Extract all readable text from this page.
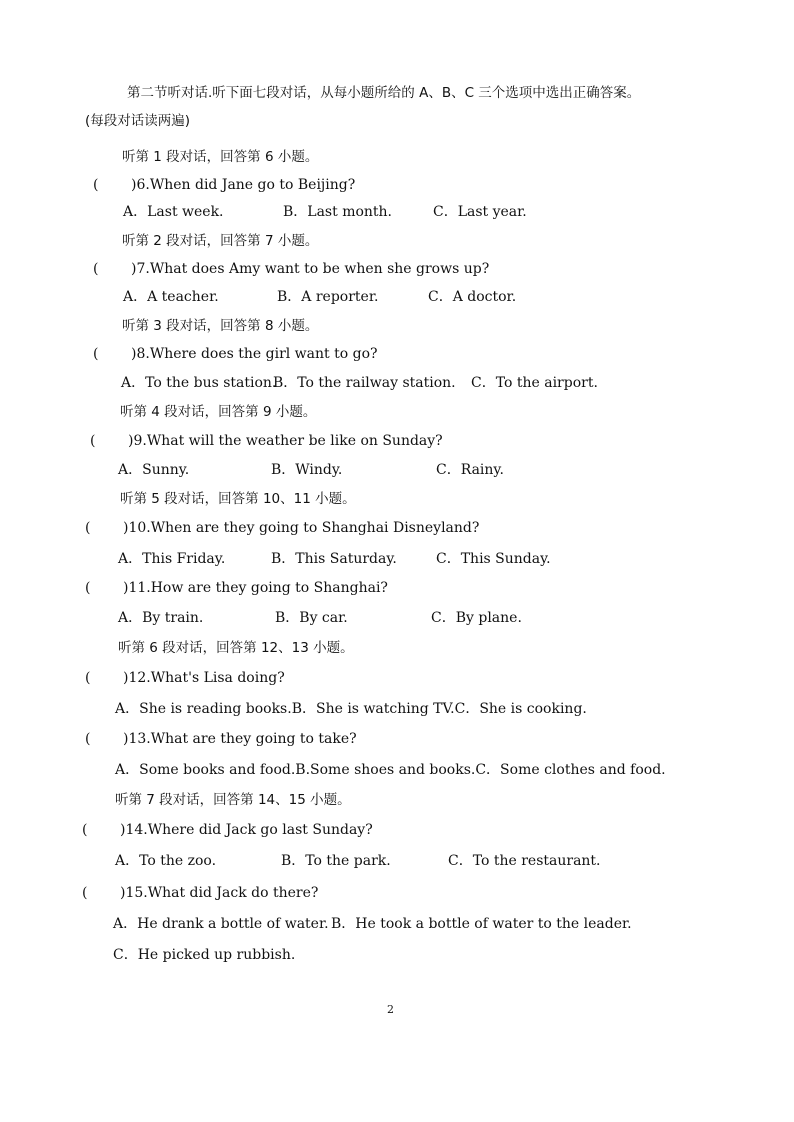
第二节听对话.听下面七段对话，从每小题所给的 A、B、C 三个选项中选出正确答案。
(每段对话读两遍)
听第 1 段对话，回答第 6 小题。
( )6.When did Jane go to Beijing?
A．Last week.	B．Last month.	C．Last year.
听第 2 段对话，回答第 7 小题。
( )7.What does Amy want to be when she grows up?
A．A teacher.	B．A reporter.	C．A doctor.
听第 3 段对话，回答第 8 小题。
( )8.Where does the girl want to go?
A．To the bus station.
B．To the railway station. C．To the airport.
听第 4 段对话，回答第 9 小题。
( )9.What will the weather be like on Sunday?
A．Sunny.	B．Windy.	C．Rainy.
听第 5 段对话，回答第 10、11 小题。
( )10.When are they going to Shanghai Disneyland?
A．This Friday.	B．This Saturday.	C．This Sunday.
( )11.How are they going to Shanghai?
A．By train.	B．By car.	C．By plane.
听第 6 段对话，回答第 12、13 小题。
( )12.What's Lisa doing?
A．She is reading books.B．She is watching TV.C．She is cooking.
( )13.What are they going to take?
A．Some books and food.B.Some shoes and books.C．Some clothes and food.
听第 7 段对话，回答第 14、15 小题。
( )14.Where did Jack go last Sunday?
A．To the zoo.	B．To the park.	C．To the restaurant.
( )15.What did Jack do there?
A．He drank a bottle of water. B．He took a bottle of water to the leader.
C．He picked up rubbish.
2
